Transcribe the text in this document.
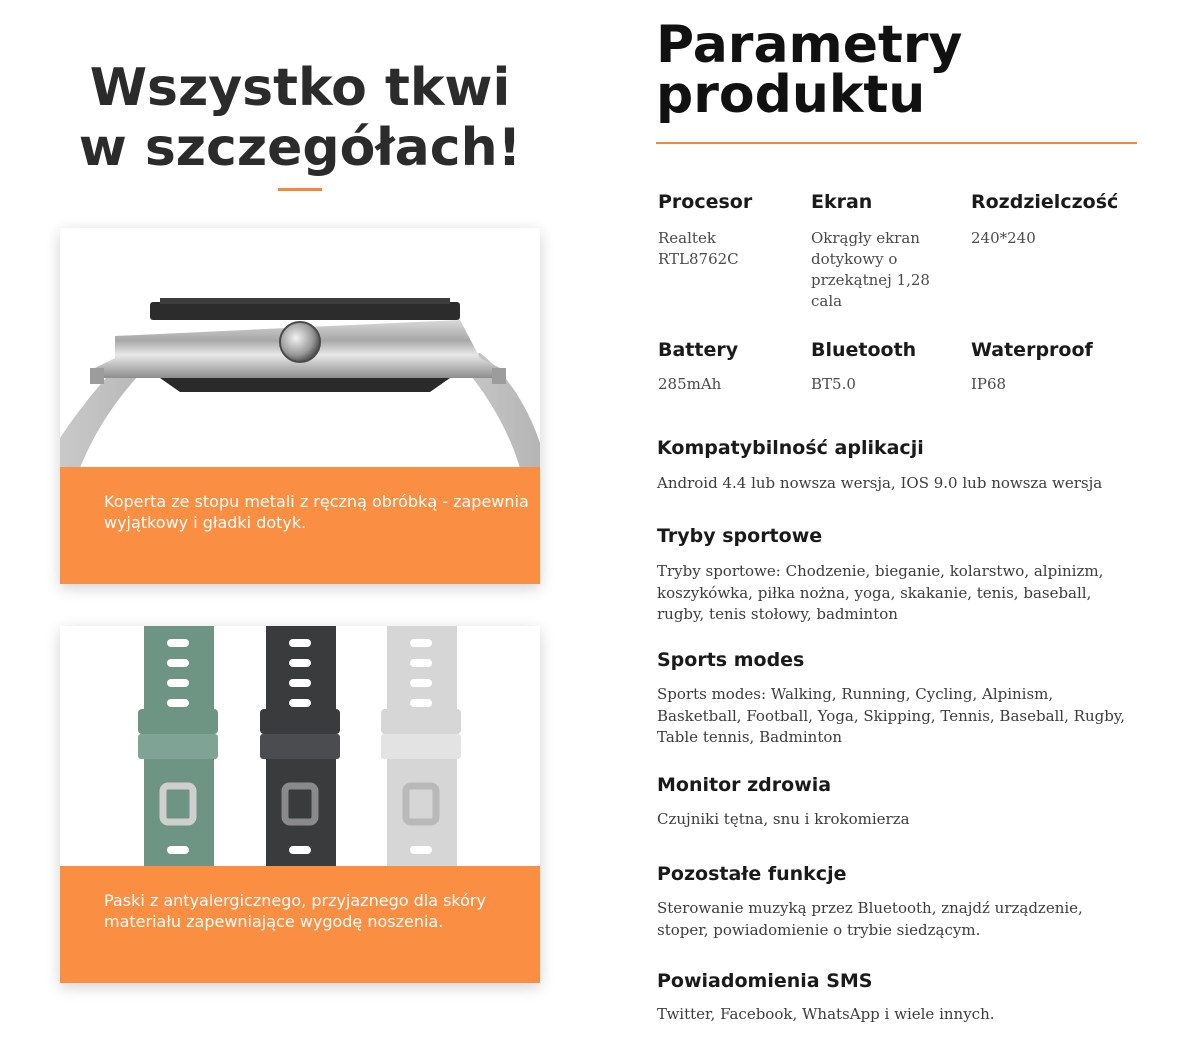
Wszystko tkwi w szczegółach!
Koperta ze stopu metali z ręczną obróbką - zapewnia wyjątkowy i gładki dotyk.
Paski z antyalergicznego, przyjaznego dla skóry materiału zapewniające wygodę noszenia.
Parametry produktu
Procesor
Realtek RTL8762C
Ekran
Okrągły ekran dotykowy o przekątnej 1,28 cala
Rozdzielczość
240*240
Battery
285mAh
Bluetooth
BT5.0
Waterproof
IP68
Kompatybilność aplikacji
Android 4.4 lub nowsza wersja, IOS 9.0 lub nowsza wersja
Tryby sportowe
Tryby sportowe: Chodzenie, bieganie, kolarstwo, alpinizm, koszykówka, piłka nożna, yoga, skakanie, tenis, baseball, rugby, tenis stołowy, badminton
Sports modes
Sports modes: Walking, Running, Cycling, Alpinism, Basketball, Football, Yoga, Skipping, Tennis, Baseball, Rugby, Table tennis, Badminton
Monitor zdrowia
Czujniki tętna, snu i krokomierza
Pozostałe funkcje
Sterowanie muzyką przez Bluetooth, znajdź urządzenie, stoper, powiadomienie o trybie siedzącym.
Powiadomienia SMS
Twitter, Facebook, WhatsApp i wiele innych.
